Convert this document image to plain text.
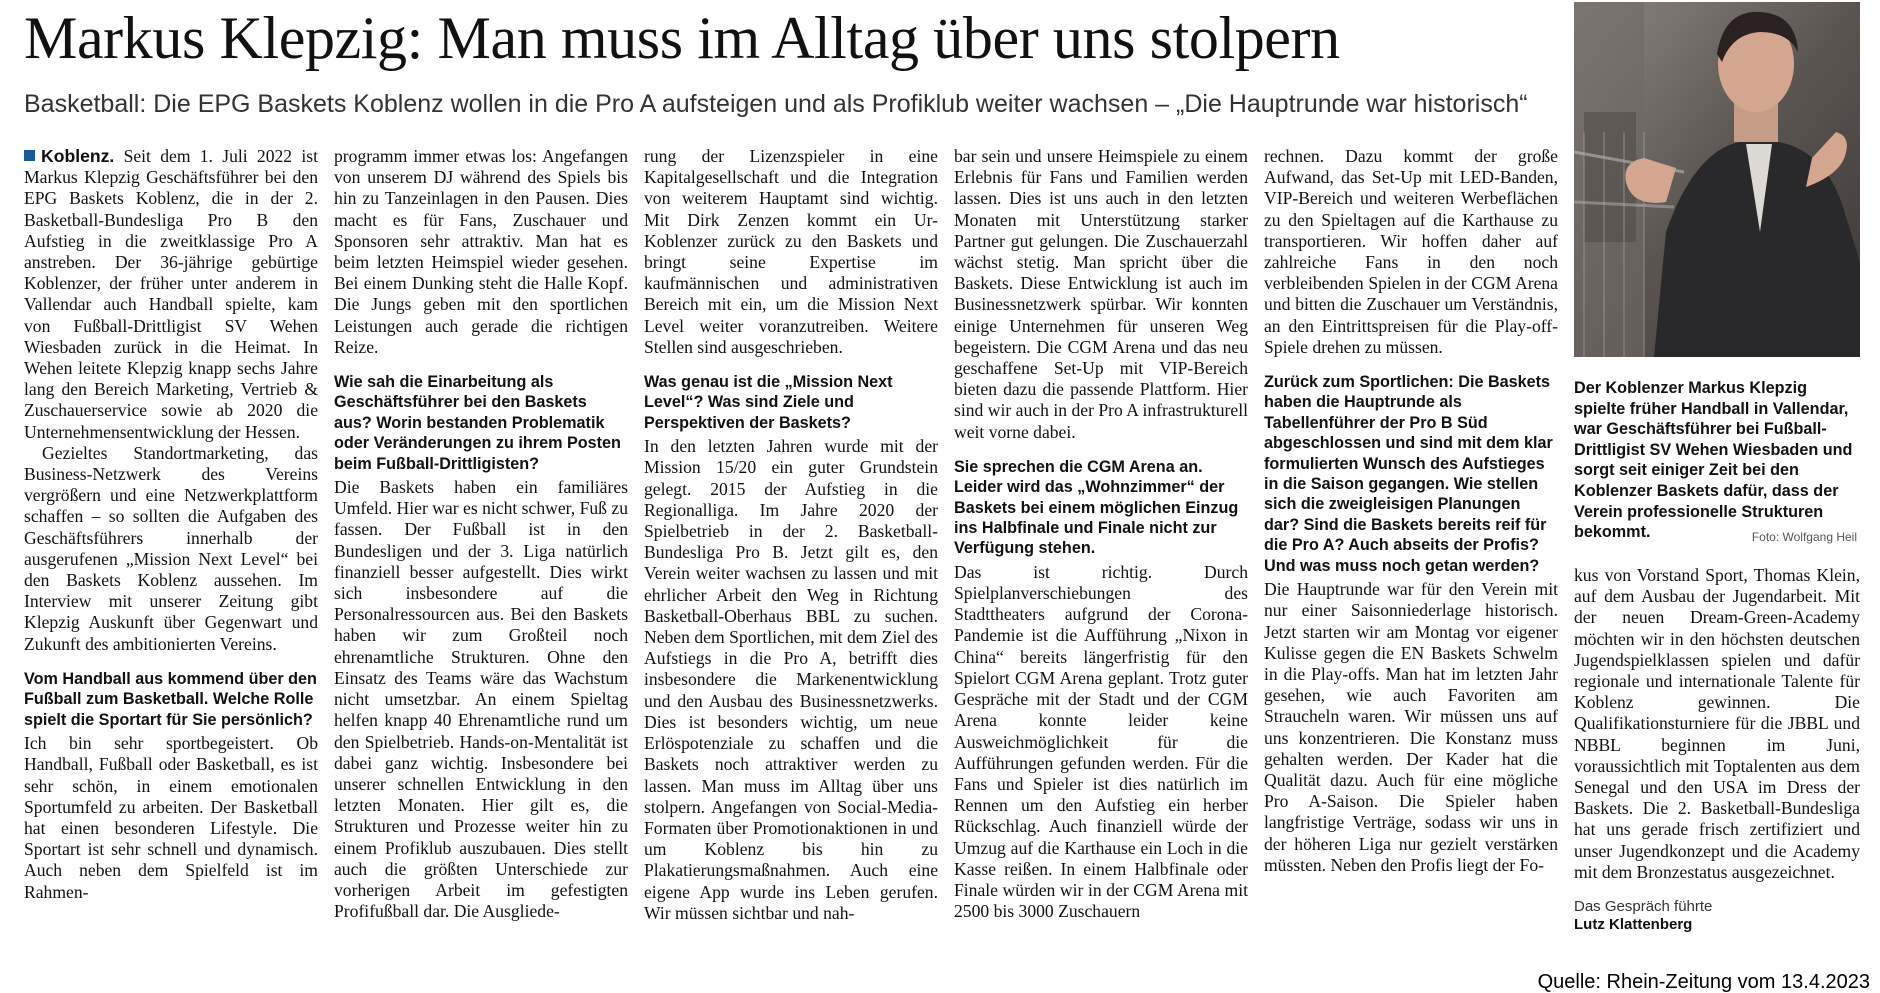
Markus Klepzig: Man muss im Alltag über uns stolpern
Basketball: Die EPG Baskets Koblenz wollen in die Pro A aufsteigen und als Profiklub weiter wachsen – „Die Hauptrunde war historisch“

Koblenz. Seit dem 1. Juli 2022 ist Markus Klepzig Geschäftsführer bei den EPG Baskets Koblenz, die in der 2. Basketball-Bundesliga Pro B den Aufstieg in die zweitklassige Pro A anstreben. Der 36-jährige gebürtige Koblenzer, der früher unter anderem in Vallendar auch Handball spielte, kam von Fußball-Drittligist SV Wehen Wiesbaden zurück in die Heimat. In Wehen leitete Klepzig knapp sechs Jahre lang den Bereich Marketing, Vertrieb & Zuschauerservice sowie ab 2020 die Unternehmensentwicklung der Hessen.

Gezieltes Standortmarketing, das Business-Netzwerk des Vereins vergrößern und eine Netzwerkplattform schaffen – so sollten die Aufgaben des Geschäftsführers innerhalb der ausgerufenen „Mission Next Level“ bei den Baskets Koblenz aussehen. Im Interview mit unserer Zeitung gibt Klepzig Auskunft über Gegenwart und Zukunft des ambitionierten Vereins.

Vom Handball aus kommend über den Fußball zum Basketball. Welche Rolle spielt die Sportart für Sie persönlich?

Ich bin sehr sportbegeistert. Ob Handball, Fußball oder Basketball, es ist sehr schön, in einem emotionalen Sportumfeld zu arbeiten. Der Basketball hat einen besonderen Lifestyle. Die Sportart ist sehr schnell und dynamisch. Auch neben dem Spielfeld ist im Rahmen-

programm immer etwas los: Angefangen von unserem DJ während des Spiels bis hin zu Tanzeinlagen in den Pausen. Dies macht es für Fans, Zuschauer und Sponsoren sehr attraktiv. Man hat es beim letzten Heimspiel wieder gesehen. Bei einem Dunking steht die Halle Kopf. Die Jungs geben mit den sportlichen Leistungen auch gerade die richtigen Reize.

Wie sah die Einarbeitung als Geschäftsführer bei den Baskets aus? Worin bestanden Problematik oder Veränderungen zu ihrem Posten beim Fußball-Drittligisten?

Die Baskets haben ein familiäres Umfeld. Hier war es nicht schwer, Fuß zu fassen. Der Fußball ist in den Bundesligen und der 3. Liga natürlich finanziell besser aufgestellt. Dies wirkt sich insbesondere auf die Personalressourcen aus. Bei den Baskets haben wir zum Großteil noch ehrenamtliche Strukturen. Ohne den Einsatz des Teams wäre das Wachstum nicht umsetzbar. An einem Spieltag helfen knapp 40 Ehrenamtliche rund um den Spielbetrieb. Hands-on-Mentalität ist dabei ganz wichtig. Insbesondere bei unserer schnellen Entwicklung in den letzten Monaten. Hier gilt es, die Strukturen und Prozesse weiter hin zu einem Profiklub auszubauen. Dies stellt auch die größten Unterschiede zur vorherigen Arbeit im gefestigten Profifußball dar. Die Ausgliede-

rung der Lizenzspieler in eine Kapitalgesellschaft und die Integration von weiterem Hauptamt sind wichtig. Mit Dirk Zenzen kommt ein Ur-Koblenzer zurück zu den Baskets und bringt seine Expertise im kaufmännischen und administrativen Bereich mit ein, um die Mission Next Level weiter voranzutreiben. Weitere Stellen sind ausgeschrieben.

Was genau ist die „Mission Next Level“? Was sind Ziele und Perspektiven der Baskets?

In den letzten Jahren wurde mit der Mission 15/20 ein guter Grundstein gelegt. 2015 der Aufstieg in die Regionalliga. Im Jahre 2020 der Spielbetrieb in der 2. Basketball-Bundesliga Pro B. Jetzt gilt es, den Verein weiter wachsen zu lassen und mit ehrlicher Arbeit den Weg in Richtung Basketball-Oberhaus BBL zu suchen. Neben dem Sportlichen, mit dem Ziel des Aufstiegs in die Pro A, betrifft dies insbesondere die Markenentwicklung und den Ausbau des Businessnetzwerks. Dies ist besonders wichtig, um neue Erlöspotenziale zu schaffen und die Baskets noch attraktiver werden zu lassen. Man muss im Alltag über uns stolpern. Angefangen von Social-Media-Formaten über Promotionaktionen in und um Koblenz bis hin zu Plakatierungsmaßnahmen. Auch eine eigene App wurde ins Leben gerufen. Wir müssen sichtbar und nah-

bar sein und unsere Heimspiele zu einem Erlebnis für Fans und Familien werden lassen. Dies ist uns auch in den letzten Monaten mit Unterstützung starker Partner gut gelungen. Die Zuschauerzahl wächst stetig. Man spricht über die Baskets. Diese Entwicklung ist auch im Businessnetzwerk spürbar. Wir konnten einige Unternehmen für unseren Weg begeistern. Die CGM Arena und das neu geschaffene Set-Up mit VIP-Bereich bieten dazu die passende Plattform. Hier sind wir auch in der Pro A infrastrukturell weit vorne dabei.

Sie sprechen die CGM Arena an. Leider wird das „Wohnzimmer“ der Baskets bei einem möglichen Einzug ins Halbfinale und Finale nicht zur Verfügung stehen.

Das ist richtig. Durch Spielplanverschiebungen des Stadttheaters aufgrund der Corona-Pandemie ist die Aufführung „Nixon in China“ bereits längerfristig für den Spielort CGM Arena geplant. Trotz guter Gespräche mit der Stadt und der CGM Arena konnte leider keine Ausweichmöglichkeit für die Aufführungen gefunden werden. Für die Fans und Spieler ist dies natürlich im Rennen um den Aufstieg ein herber Rückschlag. Auch finanziell würde der Umzug auf die Karthause ein Loch in die Kasse reißen. In einem Halbfinale oder Finale würden wir in der CGM Arena mit 2500 bis 3000 Zuschauern

rechnen. Dazu kommt der große Aufwand, das Set-Up mit LED-Banden, VIP-Bereich und weiteren Werbeflächen zu den Spieltagen auf die Karthause zu transportieren. Wir hoffen daher auf zahlreiche Fans in den noch verbleibenden Spielen in der CGM Arena und bitten die Zuschauer um Verständnis, an den Eintrittspreisen für die Play-off-Spiele drehen zu müssen.

Zurück zum Sportlichen: Die Baskets haben die Hauptrunde als Tabellenführer der Pro B Süd abgeschlossen und sind mit dem klar formulierten Wunsch des Aufstieges in die Saison gegangen. Wie stellen sich die zweigleisigen Planungen dar? Sind die Baskets bereits reif für die Pro A? Auch abseits der Profis? Und was muss noch getan werden?

Die Hauptrunde war für den Verein mit nur einer Saisonniederlage historisch. Jetzt starten wir am Montag vor eigener Kulisse gegen die EN Baskets Schwelm in die Play-offs. Man hat im letzten Jahr gesehen, wie auch Favoriten am Straucheln waren. Wir müssen uns auf uns konzentrieren. Die Konstanz muss gehalten werden. Der Kader hat die Qualität dazu. Auch für eine mögliche Pro A-Saison. Die Spieler haben langfristige Verträge, sodass wir uns in der höheren Liga nur gezielt verstärken müssten. Neben den Profis liegt der Fo-

Der Koblenzer Markus Klepzig spielte früher Handball in Vallendar, war Geschäftsführer bei Fußball-Drittligist SV Wehen Wiesbaden und sorgt seit einiger Zeit bei den Koblenzer Baskets dafür, dass der Verein professionelle Strukturen bekommt.	Foto: Wolfgang Heil

kus von Vorstand Sport, Thomas Klein, auf dem Ausbau der Jugendarbeit. Mit der neuen Dream-Green-Academy möchten wir in den höchsten deutschen Jugendspielklassen spielen und dafür regionale und internationale Talente für Koblenz gewinnen. Die Qualifikationsturniere für die JBBL und NBBL beginnen im Juni, voraussichtlich mit Toptalenten aus dem Senegal und den USA im Dress der Baskets. Die 2. Basketball-Bundesliga hat uns gerade frisch zertifiziert und unser Jugendkonzept und die Academy mit dem Bronzestatus ausgezeichnet.

Das Gespräch führte
Lutz Klattenberg
Quelle: Rhein-Zeitung vom 13.4.2023
